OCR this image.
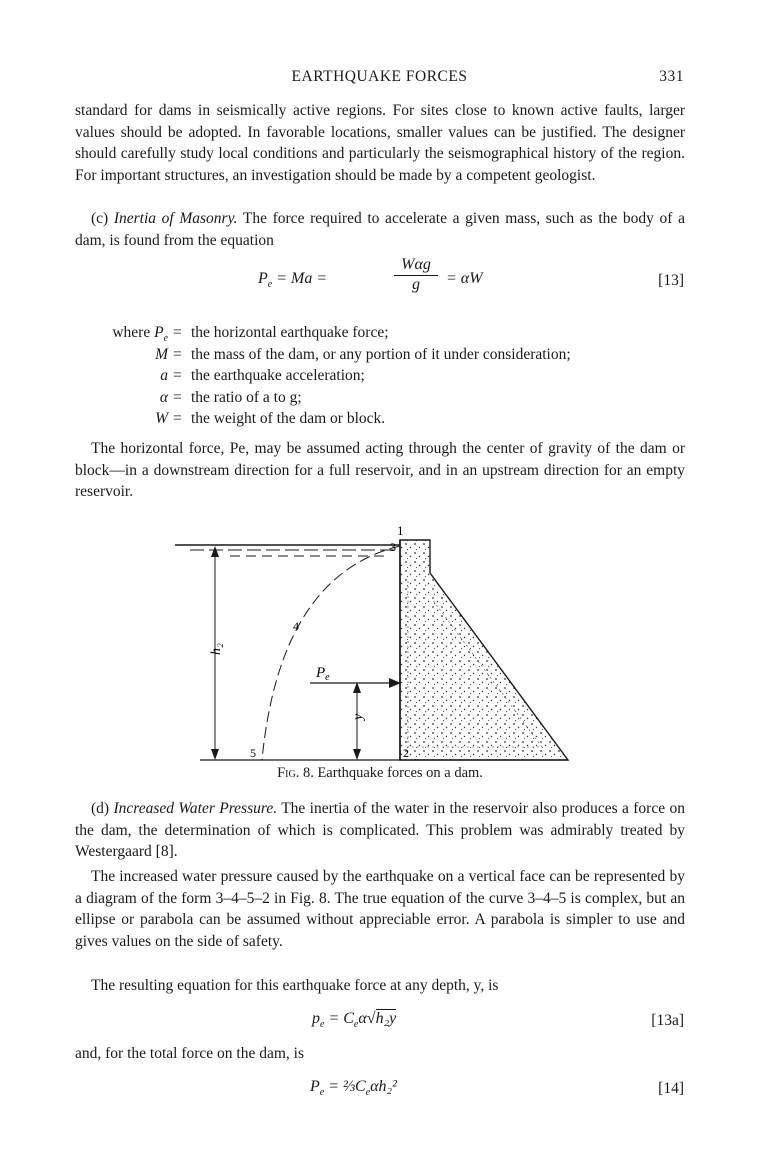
EARTHQUAKE FORCES	331

standard for dams in seismically active regions. For sites close to known active faults, larger values should be adopted. In favorable locations, smaller values can be justified. The designer should carefully study local conditions and particularly the seismographical history of the region. For important structures, an investigation should be made by a competent geologist.

(c) Inertia of Masonry. The force required to accelerate a given mass, such as the body of a dam, is found from the equation

$P_e = Ma$ =
Wαg
g	= αW	[13]
where $P_e$ = the horizontal earthquake force;
M = the mass of the dam, or any portion of it under consideration;
a = the earthquake acceleration;
α = the ratio of a to g;
W = the weight of the dam or block.

The horizontal force, Pe, may be assumed acting through the center of gravity of the dam or block—in a downstream direction for a full reservoir, and in an upstream direction for an empty reservoir.

h₂
y
$P_e$
1
3
4
5	2
Fig. 8. Earthquake forces on a dam.

(d) Increased Water Pressure. The inertia of the water in the reservoir also produces a force on the dam, the determination of which is complicated. This problem was admirably treated by Westergaard [8].

The increased water pressure caused by the earthquake on a vertical face can be represented by a diagram of the form 3–4–5–2 in Fig. 8. The true equation of the curve 3–4–5 is complex, but an ellipse or parabola can be assumed without appreciable error. A parabola is simpler to use and gives values on the side of safety.

The resulting equation for this earthquake force at any depth, y, is

$p_e = C_e\alpha√h_2y$	[13a]

and, for the total force on the dam, is

$P_e$ = $\frac{2}{3}C_e\alpha h_2^2$	[14]
